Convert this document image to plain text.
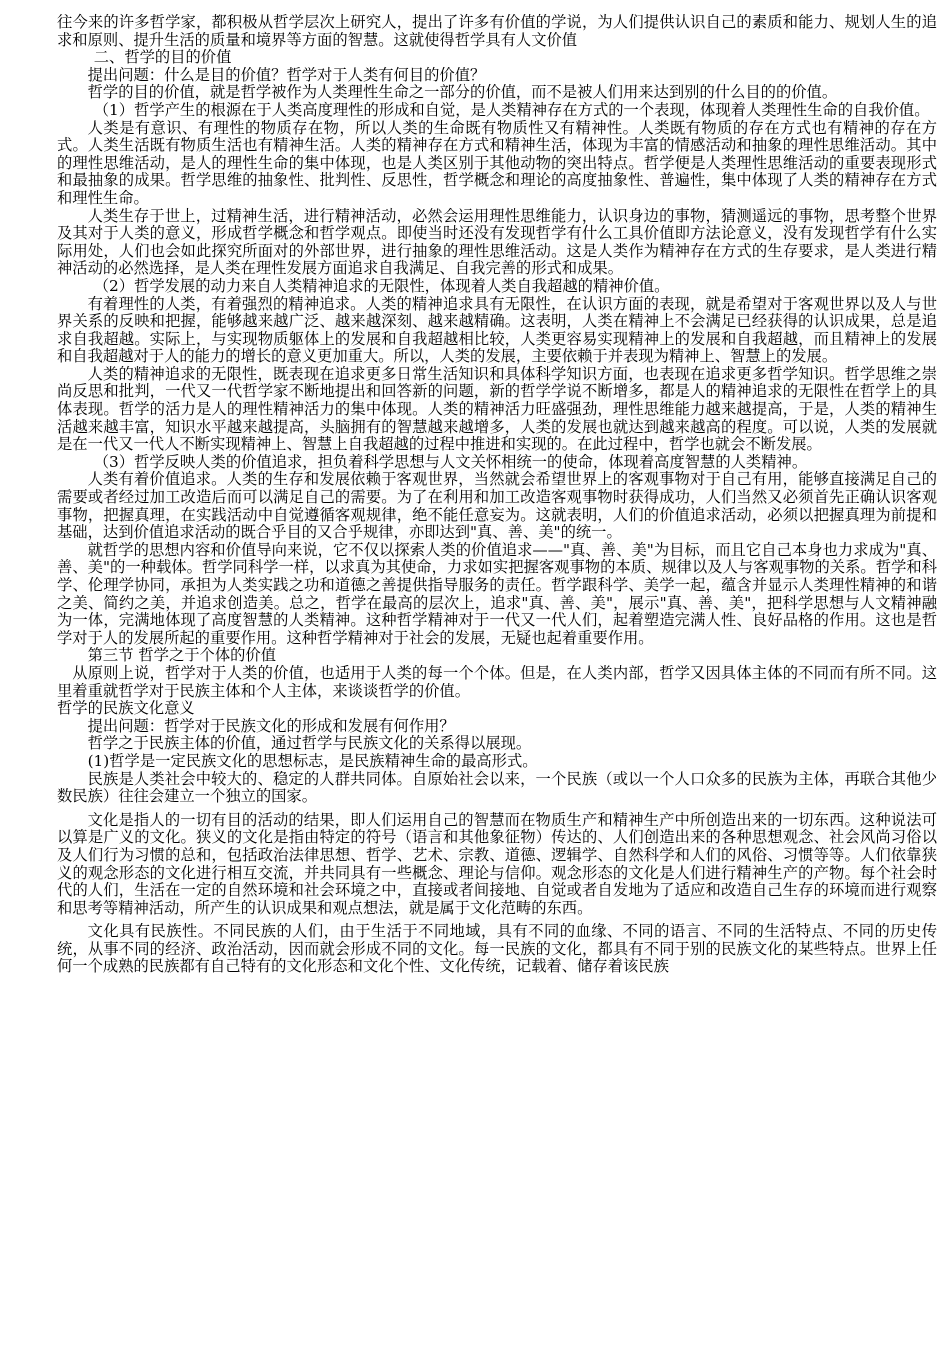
往今来的许多哲学家，都积极从哲学层次上研究人，提出了许多有价值的学说，为人们提供认识自己的素质和能力、规划人生的追求和原则、提升生活的质量和境界等方面的智慧。这就使得哲学具有人文价值

二、哲学的目的价值

提出问题：什么是目的价值？哲学对于人类有何目的价值？

哲学的目的价值，就是哲学被作为人类理性生命之一部分的价值，而不是被人们用来达到别的什么目的的价值。

（1）哲学产生的根源在于人类高度理性的形成和自觉，是人类精神存在方式的一个表现，体现着人类理性生命的自我价值。

人类是有意识、有理性的物质存在物，所以人类的生命既有物质性又有精神性。人类既有物质的存在方式也有精神的存在方式。人类生活既有物质生活也有精神生活。人类的精神存在方式和精神生活，体现为丰富的情感活动和抽象的理性思维活动。其中的理性思维活动，是人的理性生命的集中体现，也是人类区别于其他动物的突出特点。哲学便是人类理性思维活动的重要表现形式和最抽象的成果。哲学思维的抽象性、批判性、反思性，哲学概念和理论的高度抽象性、普遍性，集中体现了人类的精神存在方式和理性生命。

人类生存于世上，过精神生活，进行精神活动，必然会运用理性思维能力，认识身边的事物，猜测遥远的事物，思考整个世界及其对于人类的意义，形成哲学概念和哲学观点。即使当时还没有发现哲学有什么工具价值即方法论意义，没有发现哲学有什么实际用处，人们也会如此探究所面对的外部世界，进行抽象的理性思维活动。这是人类作为精神存在方式的生存要求，是人类进行精神活动的必然选择，是人类在理性发展方面追求自我满足、自我完善的形式和成果。

（2）哲学发展的动力来自人类精神追求的无限性，体现着人类自我超越的精神价值。

有着理性的人类，有着强烈的精神追求。人类的精神追求具有无限性，在认识方面的表现，就是希望对于客观世界以及人与世界关系的反映和把握，能够越来越广泛、越来越深刻、越来越精确。这表明，人类在精神上不会满足已经获得的认识成果，总是追求自我超越。实际上，与实现物质躯体上的发展和自我超越相比较，人类更容易实现精神上的发展和自我超越，而且精神上的发展和自我超越对于人的能力的增长的意义更加重大。所以，人类的发展，主要依赖于并表现为精神上、智慧上的发展。

人类的精神追求的无限性，既表现在追求更多日常生活知识和具体科学知识方面，也表现在追求更多哲学知识。哲学思维之崇尚反思和批判，一代又一代哲学家不断地提出和回答新的问题，新的哲学学说不断增多，都是人的精神追求的无限性在哲学上的具体表现。哲学的活力是人的理性精神活力的集中体现。人类的精神活力旺盛强劲，理性思维能力越来越提高，于是，人类的精神生活越来越丰富，知识水平越来越提高，头脑拥有的智慧越来越增多，人类的发展也就达到越来越高的程度。可以说，人类的发展就是在一代又一代人不断实现精神上、智慧上自我超越的过程中推进和实现的。在此过程中，哲学也就会不断发展。

（3）哲学反映人类的价值追求，担负着科学思想与人文关怀相统一的使命，体现着高度智慧的人类精神。

人类有着价值追求。人类的生存和发展依赖于客观世界，当然就会希望世界上的客观事物对于自己有用，能够直接满足自己的需要或者经过加工改造后而可以满足自己的需要。为了在利用和加工改造客观事物时获得成功，人们当然又必须首先正确认识客观事物，把握真理，在实践活动中自觉遵循客观规律，绝不能任意妄为。这就表明，人们的价值追求活动，必须以把握真理为前提和基础，达到价值追求活动的既合乎目的又合乎规律，亦即达到"真、善、美"的统一。

就哲学的思想内容和价值导向来说，它不仅以探索人类的价值追求——"真、善、美"为目标，而且它自己本身也力求成为"真、善、美"的一种载体。哲学同科学一样，以求真为其使命，力求如实把握客观事物的本质、规律以及人与客观事物的关系。哲学和科学、伦理学协同，承担为人类实践之功和道德之善提供指导服务的责任。哲学跟科学、美学一起，蕴含并显示人类理性精神的和谐之美、简约之美，并追求创造美。总之，哲学在最高的层次上，追求"真、善、美"，展示"真、善、美"，把科学思想与人文精神融为一体，完满地体现了高度智慧的人类精神。这种哲学精神对于一代又一代人们，起着塑造完满人性、良好品格的作用。这也是哲学对于人的发展所起的重要作用。这种哲学精神对于社会的发展，无疑也起着重要作用。

第三节 哲学之于个体的价值

从原则上说，哲学对于人类的价值，也适用于人类的每一个个体。但是，在人类内部，哲学又因具体主体的不同而有所不同。这里着重就哲学对于民族主体和个人主体，来谈谈哲学的价值。

哲学的民族文化意义

提出问题：哲学对于民族文化的形成和发展有何作用？

哲学之于民族主体的价值，通过哲学与民族文化的关系得以展现。

(1)哲学是一定民族文化的思想标志，是民族精神生命的最高形式。

民族是人类社会中较大的、稳定的人群共同体。自原始社会以来，一个民族（或以一个人口众多的民族为主体，再联合其他少数民族）往往会建立一个独立的国家。

文化是指人的一切有目的活动的结果，即人们运用自己的智慧而在物质生产和精神生产中所创造出来的一切东西。这种说法可以算是广义的文化。狭义的文化是指由特定的符号（语言和其他象征物）传达的、人们创造出来的各种思想观念、社会风尚习俗以及人们行为习惯的总和，包括政治法律思想、哲学、艺术、宗教、道德、逻辑学、自然科学和人们的风俗、习惯等等。人们依靠狭义的观念形态的文化进行相互交流，并共同具有一些概念、理论与信仰。观念形态的文化是人们进行精神生产的产物。每个社会时代的人们，生活在一定的自然环境和社会环境之中，直接或者间接地、自觉或者自发地为了适应和改造自己生存的环境而进行观察和思考等精神活动，所产生的认识成果和观点想法，就是属于文化范畴的东西。

文化具有民族性。不同民族的人们，由于生活于不同地域，具有不同的血缘、不同的语言、不同的生活特点、不同的历史传统，从事不同的经济、政治活动，因而就会形成不同的文化。每一民族的文化，都具有不同于别的民族文化的某些特点。世界上任何一个成熟的民族都有自己特有的文化形态和文化个性、文化传统，记载着、储存着该民族
